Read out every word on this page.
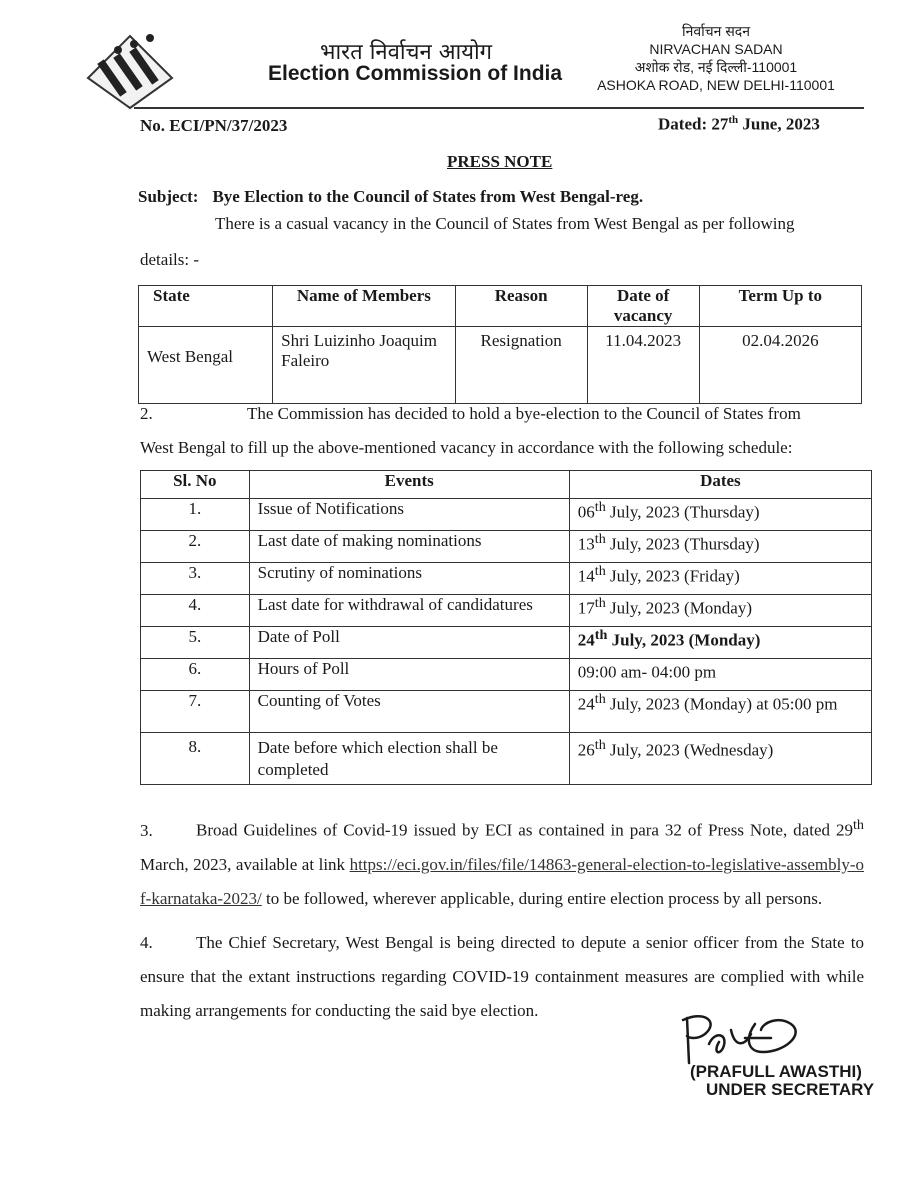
भारत निर्वाचन आयोग
Election Commission of India
निर्वाचन सदन
NIRVACHAN SADAN
अशोक रोड, नई दिल्ली-110001
ASHOKA ROAD, NEW DELHI-110001
No. ECI/PN/37/2023	Dated: 27th June, 2023
PRESS NOTE
Subject: Bye Election to the Council of States from West Bengal-reg.
There is a casual vacancy in the Council of States from West Bengal as per following
details: -
State	Name of Members	Reason	Date of vacancy	Term Up to
West Bengal	Shri Luizinho Joaquim Faleiro	Resignation	11.04.2023	02.04.2026
2.	The Commission has decided to hold a bye-election to the Council of States from
West Bengal to fill up the above-mentioned vacancy in accordance with the following schedule:
Sl. No	Events	Dates
1.	Issue of Notifications	06th July, 2023 (Thursday)
2.	Last date of making nominations	13th July, 2023 (Thursday)
3.	Scrutiny of nominations	14th July, 2023 (Friday)
4.	Last date for withdrawal of candidatures	17th July, 2023 (Monday)
5.	Date of Poll	24th July, 2023 (Monday)
6.	Hours of Poll	09:00 am- 04:00 pm
7.	Counting of Votes	24th July, 2023 (Monday) at 05:00 pm
8.	Date before which election shall be completed	26th July, 2023 (Wednesday)
3.	Broad Guidelines of Covid-19 issued by ECI as contained in para 32 of Press Note, dated 29th March, 2023, available at link https://eci.gov.in/files/file/14863-general-election-to-legislative-assembly-of-karnataka-2023/ to be followed, wherever applicable, during entire election process by all persons.
4.	The Chief Secretary, West Bengal is being directed to depute a senior officer from the State to ensure that the extant instructions regarding COVID-19 containment measures are complied with while making arrangements for conducting the said bye election.
(PRAFULL AWASTHI)
UNDER SECRETARY
